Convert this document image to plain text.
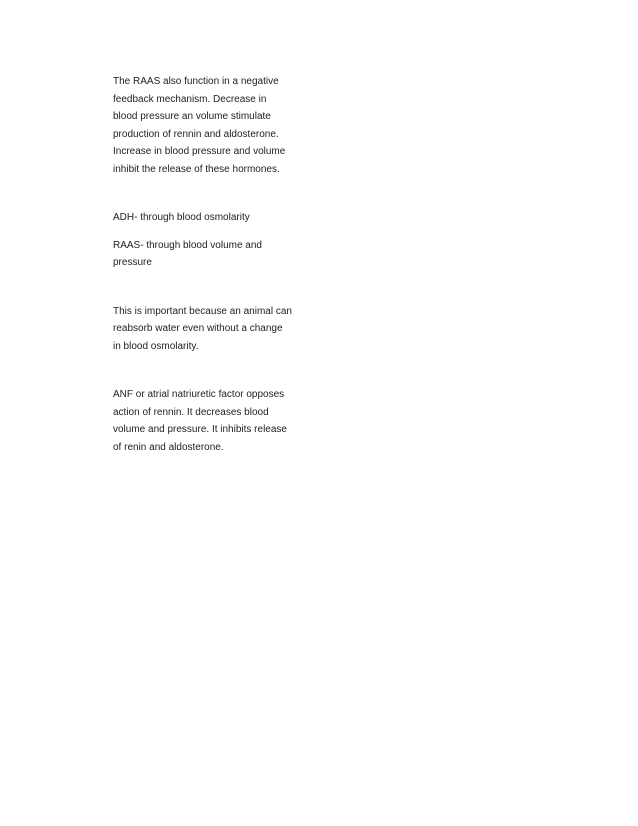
The RAAS also function in a negative
feedback mechanism. Decrease in
blood pressure an volume stimulate
production of rennin and aldosterone.
Increase in blood pressure and volume
inhibit the release of these hormones.

ADH- through blood osmolarity

RAAS- through blood volume and
pressure

This is important because an animal can
reabsorb water even without a change
in blood osmolarity.

ANF or atrial natriuretic factor opposes
action of rennin. It decreases blood
volume and pressure. It inhibits release
of renin and aldosterone.
